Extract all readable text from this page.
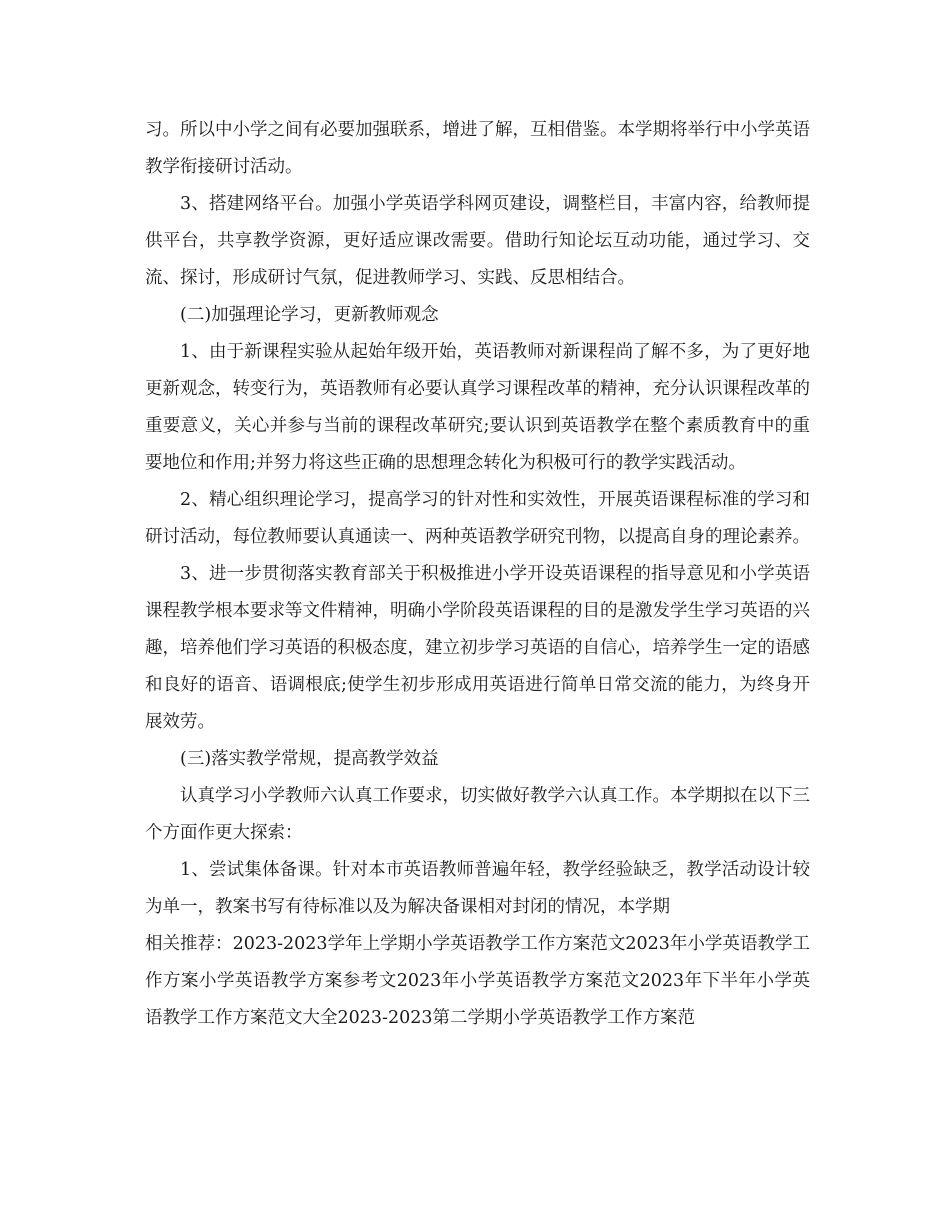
习。所以中小学之间有必要加强联系，增进了解，互相借鉴。本学期将举行中小学英语教学衔接研讨活动。

3、搭建网络平台。加强小学英语学科网页建设，调整栏目，丰富内容，给教师提供平台，共享教学资源，更好适应课改需要。借助行知论坛互动功能，通过学习、交流、探讨，形成研讨气氛，促进教师学习、实践、反思相结合。

(二)加强理论学习，更新教师观念

1、由于新课程实验从起始年级开始，英语教师对新课程尚了解不多，为了更好地更新观念，转变行为，英语教师有必要认真学习课程改革的精神，充分认识课程改革的重要意义，关心并参与当前的课程改革研究;要认识到英语教学在整个素质教育中的重要地位和作用;并努力将这些正确的思想理念转化为积极可行的教学实践活动。

2、精心组织理论学习，提高学习的针对性和实效性，开展英语课程标准的学习和研讨活动，每位教师要认真通读一、两种英语教学研究刊物，以提高自身的理论素养。

3、进一步贯彻落实教育部关于积极推进小学开设英语课程的指导意见和小学英语课程教学根本要求等文件精神，明确小学阶段英语课程的目的是激发学生学习英语的兴趣，培养他们学习英语的积极态度，建立初步学习英语的自信心，培养学生一定的语感和良好的语音、语调根底;使学生初步形成用英语进行简单日常交流的能力，为终身开展效劳。

(三)落实教学常规，提高教学效益

认真学习小学教师六认真工作要求，切实做好教学六认真工作。本学期拟在以下三个方面作更大探索：

1、尝试集体备课。针对本市英语教师普遍年轻，教学经验缺乏，教学活动设计较为单一，教案书写有待标准以及为解决备课相对封闭的情况，本学期

相关推荐：2023-2023学年上学期小学英语教学工作方案范文2023年小学英语教学工作方案小学英语教学方案参考文2023年小学英语教学方案范文2023年下半年小学英语教学工作方案范文大全2023-2023第二学期小学英语教学工作方案范
